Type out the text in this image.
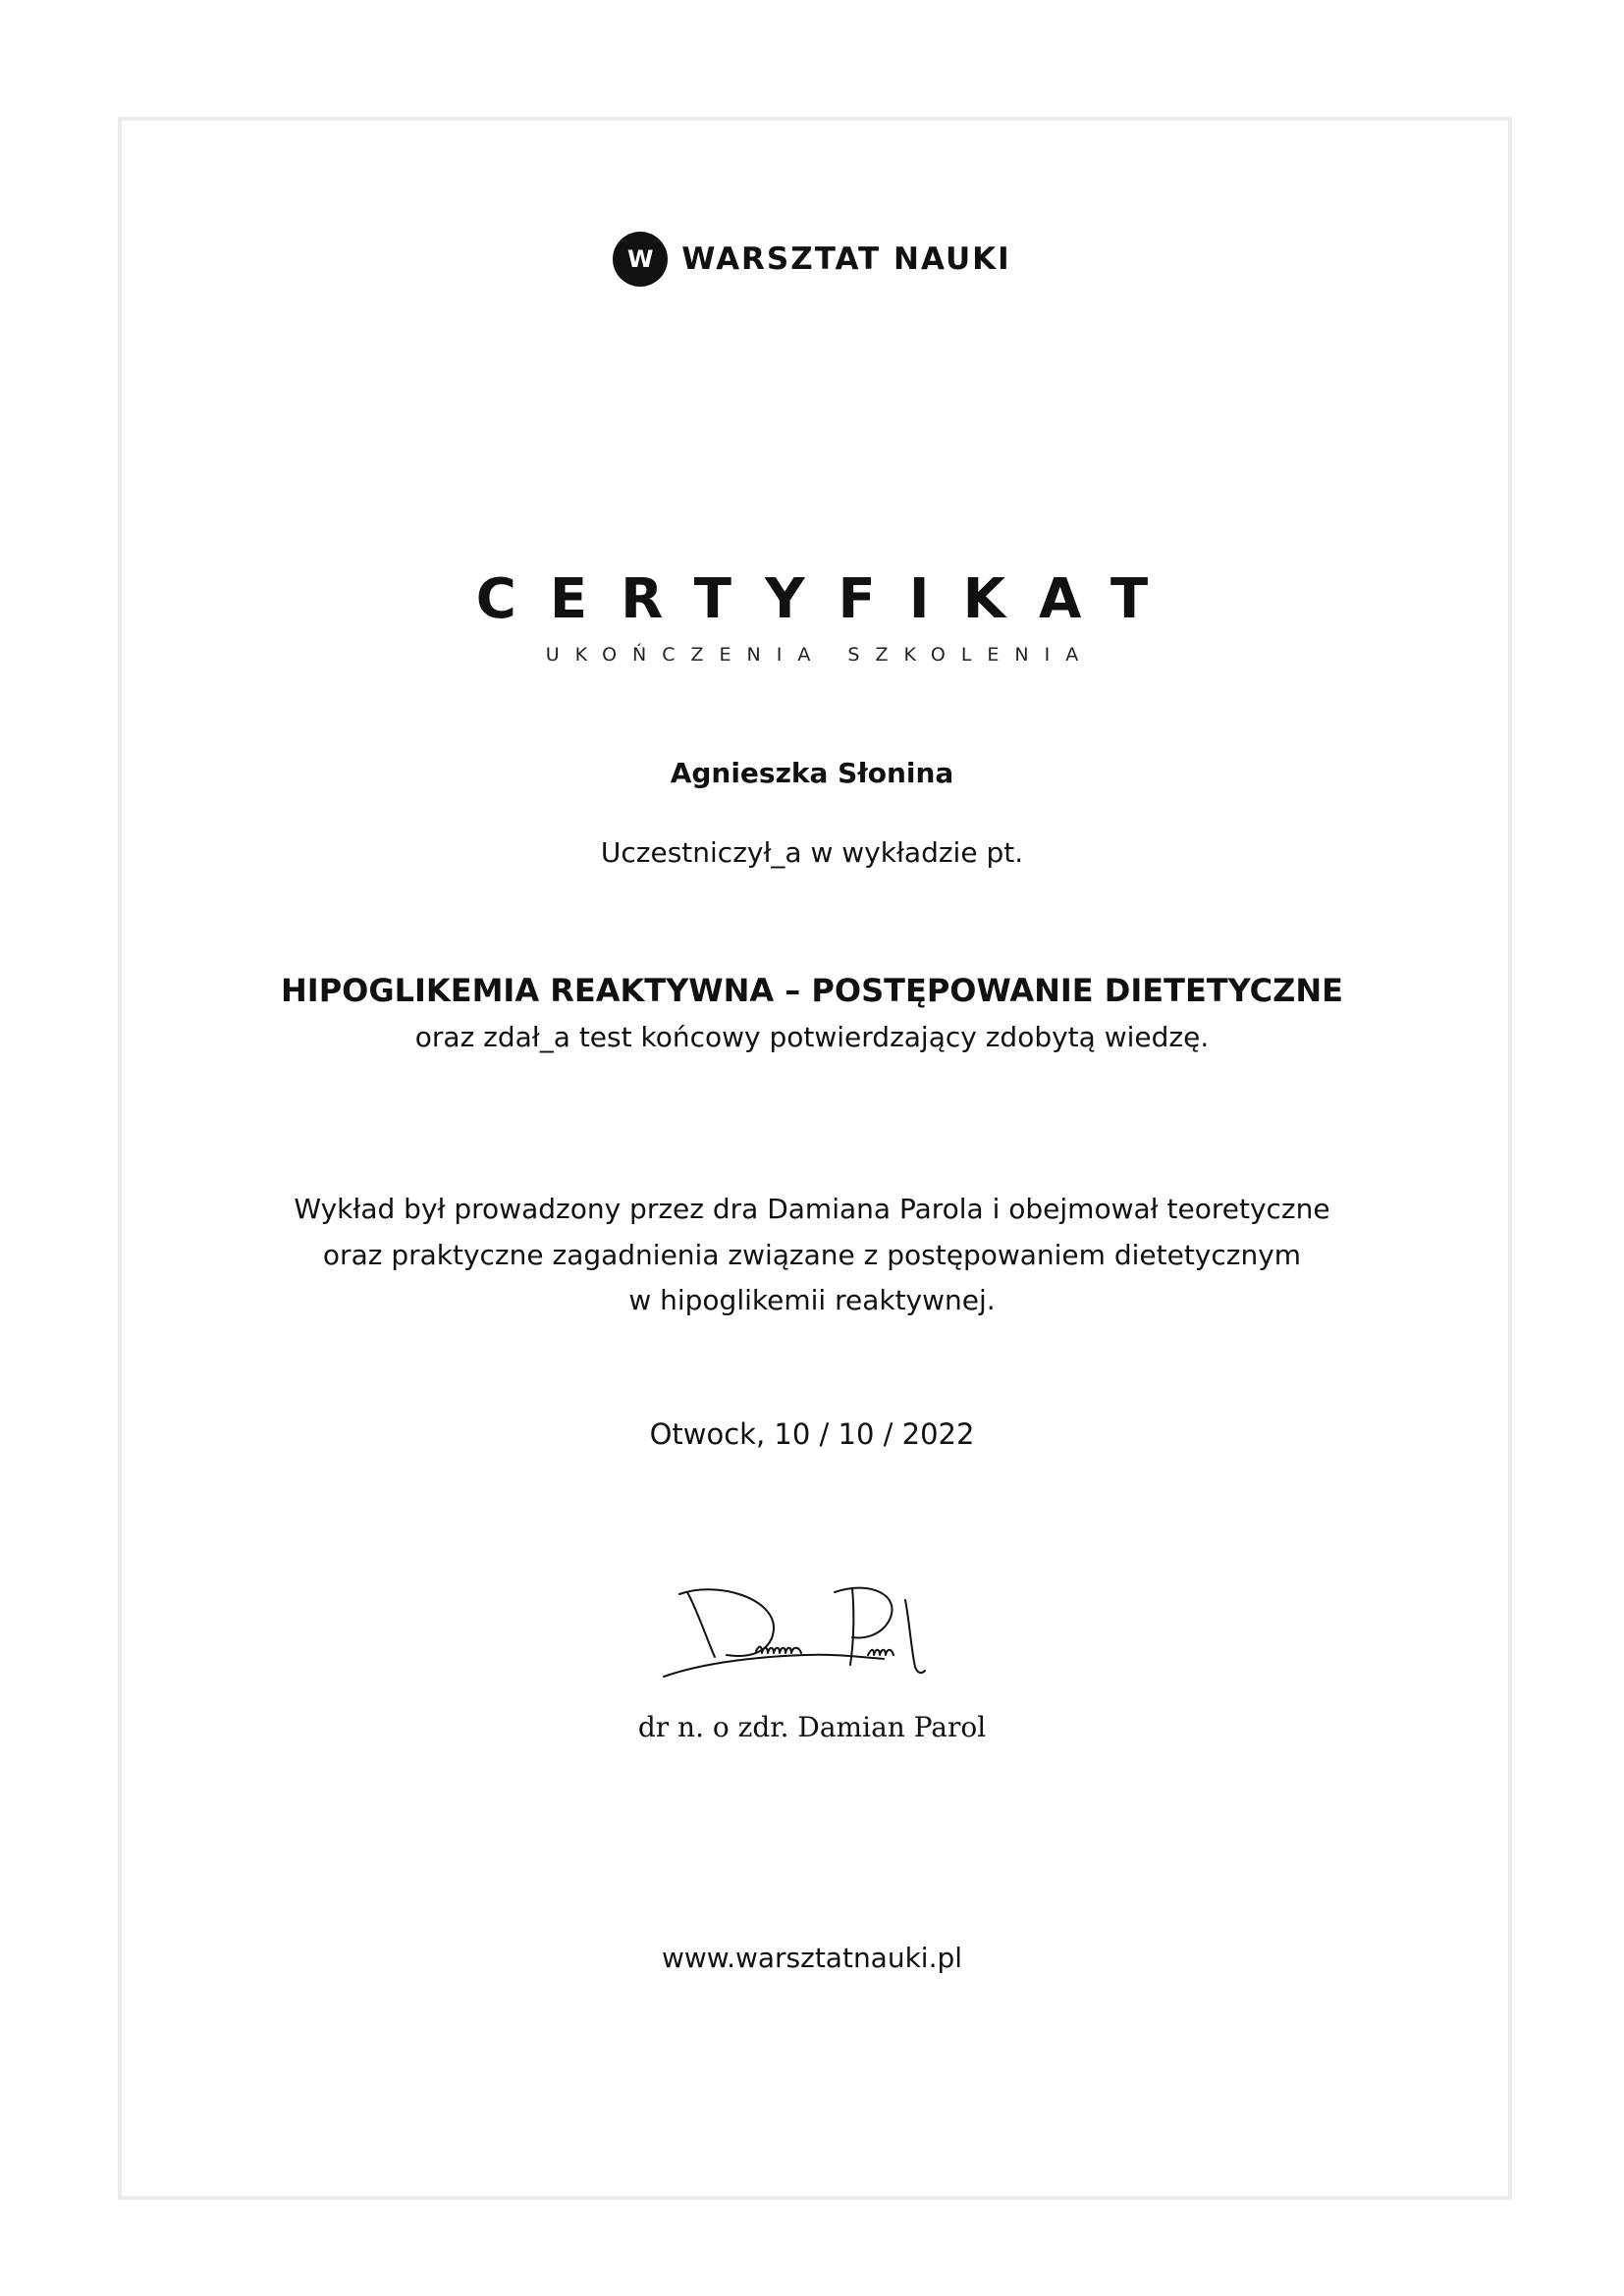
W WARSZTAT NAUKI
CERTYFIKAT
UKOŃCZENIA SZKOLENIA
Agnieszka Słonina
Uczestniczył_a w wykładzie pt.
HIPOGLIKEMIA REAKTYWNA – POSTĘPOWANIE DIETETYCZNE
oraz zdał_a test końcowy potwierdzający zdobytą wiedzę.
Wykład był prowadzony przez dra Damiana Parola i obejmował teoretyczne
oraz praktyczne zagadnienia związane z postępowaniem dietetycznym
w hipoglikemii reaktywnej.
Otwock, 10 / 10 / 2022
dr n. o zdr. Damian Parol
www.warsztatnauki.pl
